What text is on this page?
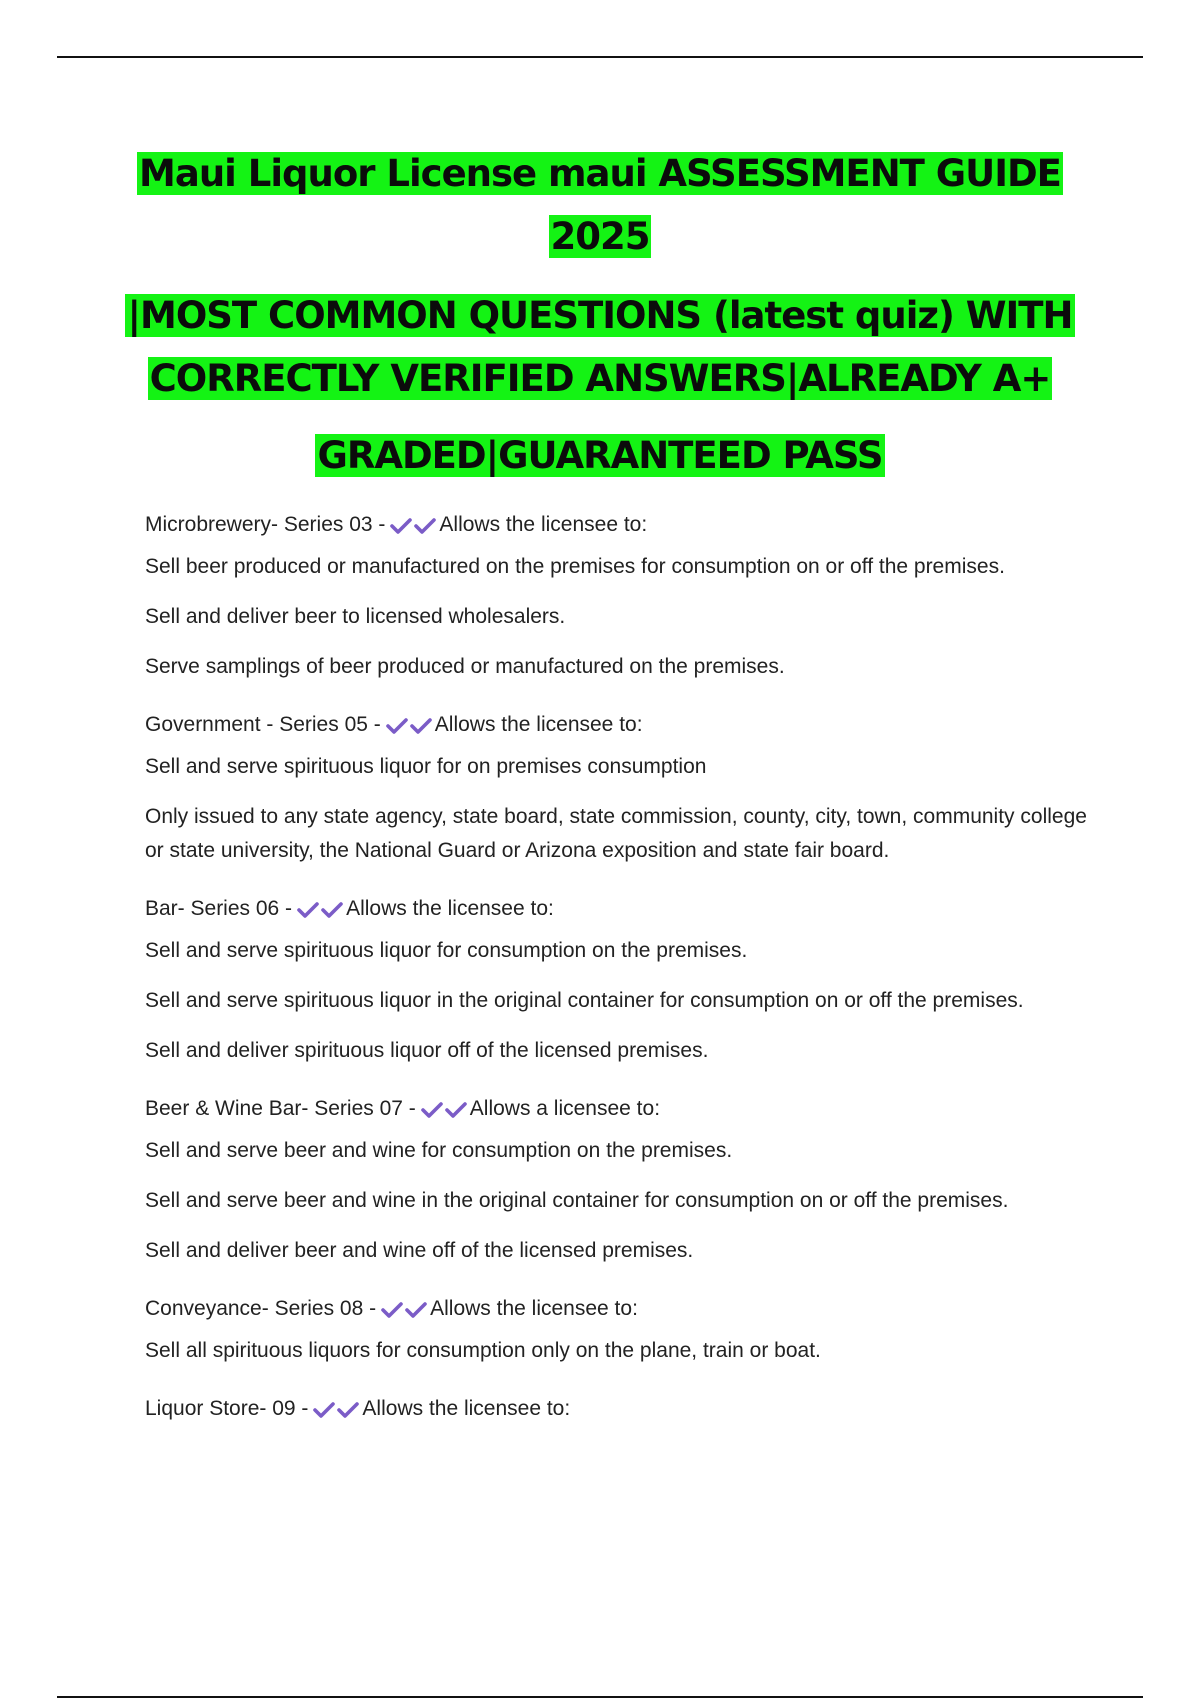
Maui Liquor License maui ASSESSMENT GUIDE
2025
|MOST COMMON QUESTIONS (latest quiz) WITH
CORRECTLY VERIFIED ANSWERS|ALREADY A+
GRADED|GUARANTEED PASS
Microbrewery- Series 03 -	Allows the licensee to:
Sell beer produced or manufactured on the premises for consumption on or off the premises.
Sell and deliver beer to licensed wholesalers.
Serve samplings of beer produced or manufactured on the premises.
Government - Series 05 -	Allows the licensee to:
Sell and serve spirituous liquor for on premises consumption
Only issued to any state agency, state board, state commission, county, city, town, community college or state university, the National Guard or Arizona exposition and state fair board.
Bar- Series 06 -	Allows the licensee to:
Sell and serve spirituous liquor for consumption on the premises.
Sell and serve spirituous liquor in the original container for consumption on or off the premises.
Sell and deliver spirituous liquor off of the licensed premises.
Beer & Wine Bar- Series 07 -	Allows a licensee to:
Sell and serve beer and wine for consumption on the premises.
Sell and serve beer and wine in the original container for consumption on or off the premises.
Sell and deliver beer and wine off of the licensed premises.
Conveyance- Series 08 -	Allows the licensee to:
Sell all spirituous liquors for consumption only on the plane, train or boat.
Liquor Store- 09 -	Allows the licensee to:
